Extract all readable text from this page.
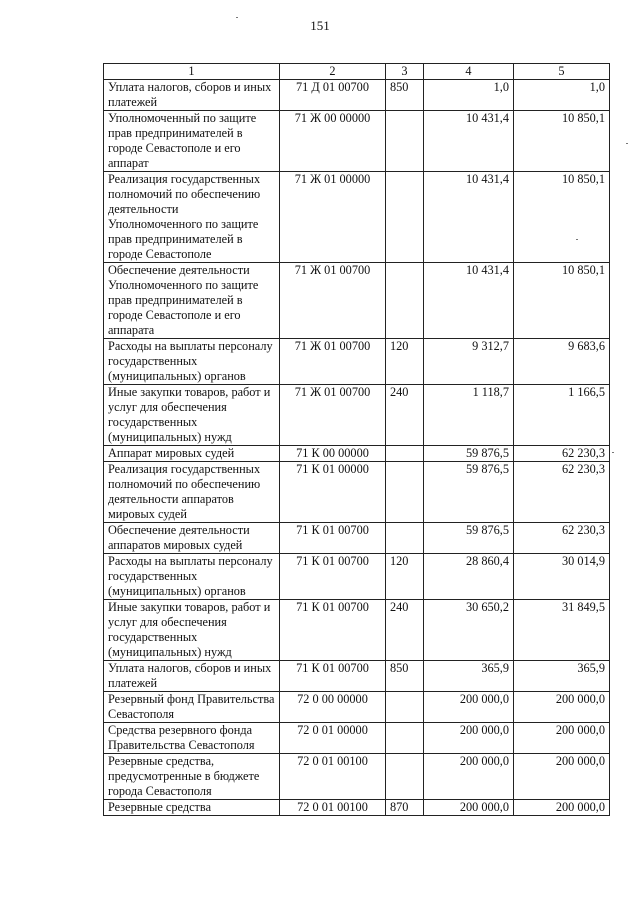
151
1	2	3	4	5
Уплата налогов, сборов и иных платежей	71 Д 01 00700	850	1,0	1,0
Уполномоченный по защите прав предпринимателей в городе Севастополе и его аппарат	71 Ж 00 00000		10 431,4	10 850,1
Реализация государственных полномочий по обеспечению деятельности Уполномоченного по защите прав предпринимателей в городе Севастополе	71 Ж 01 00000		10 431,4	10 850,1
Обеспечение деятельности Уполномоченного по защите прав предпринимателей в городе Севастополе и его аппарата	71 Ж 01 00700		10 431,4	10 850,1
Расходы на выплаты персоналу государственных (муниципальных) органов	71 Ж 01 00700	120	9 312,7	9 683,6
Иные закупки товаров, работ и услуг для обеспечения государственных (муниципальных) нужд	71 Ж 01 00700	240	1 118,7	1 166,5
Аппарат мировых судей	71 К 00 00000		59 876,5	62 230,3
Реализация государственных полномочий по обеспечению деятельности аппаратов мировых судей	71 К 01 00000		59 876,5	62 230,3
Обеспечение деятельности аппаратов мировых судей	71 К 01 00700		59 876,5	62 230,3
Расходы на выплаты персоналу государственных (муниципальных) органов	71 К 01 00700	120	28 860,4	30 014,9
Иные закупки товаров, работ и услуг для обеспечения государственных (муниципальных) нужд	71 К 01 00700	240	30 650,2	31 849,5
Уплата налогов, сборов и иных платежей	71 К 01 00700	850	365,9	365,9
Резервный фонд Правительства Севастополя	72 0 00 00000		200 000,0	200 000,0
Средства резервного фонда Правительства Севастополя	72 0 01 00000		200 000,0	200 000,0
Резервные средства, предусмотренные в бюджете города Севастополя	72 0 01 00100		200 000,0	200 000,0
Резервные средства	72 0 01 00100	870	200 000,0	200 000,0
